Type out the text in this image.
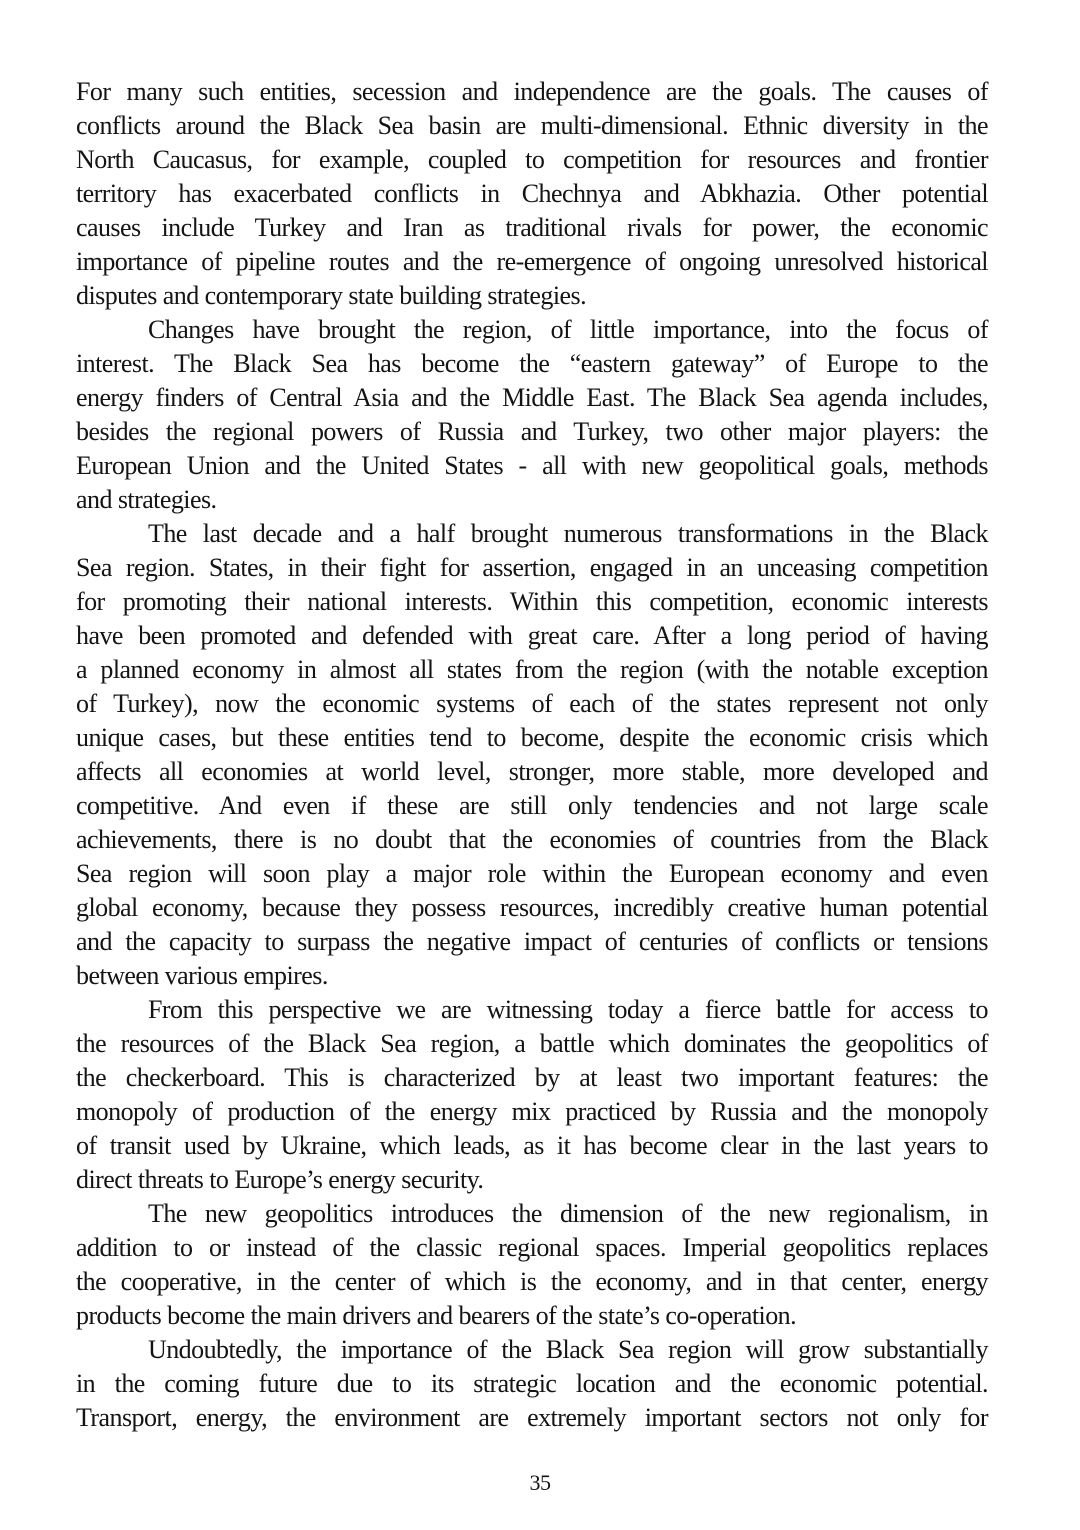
For many such entities, secession and independence are the goals. The causes of
conflicts around the Black Sea basin are multi-dimensional. Ethnic diversity in the
North Caucasus, for example, coupled to competition for resources and frontier
territory has exacerbated conflicts in Chechnya and Abkhazia. Other potential
causes include Turkey and Iran as traditional rivals for power, the economic
importance of pipeline routes and the re-emergence of ongoing unresolved historical
disputes and contemporary state building strategies.
Changes have brought the region, of little importance, into the focus of
interest. The Black Sea has become the “eastern gateway” of Europe to the
energy finders of Central Asia and the Middle East. The Black Sea agenda includes,
besides the regional powers of Russia and Turkey, two other major players: the
European Union and the United States - all with new geopolitical goals, methods
and strategies.
The last decade and a half brought numerous transformations in the Black
Sea region. States, in their fight for assertion, engaged in an unceasing competition
for promoting their national interests. Within this competition, economic interests
have been promoted and defended with great care. After a long period of having
a planned economy in almost all states from the region (with the notable exception
of Turkey), now the economic systems of each of the states represent not only
unique cases, but these entities tend to become, despite the economic crisis which
affects all economies at world level, stronger, more stable, more developed and
competitive. And even if these are still only tendencies and not large scale
achievements, there is no doubt that the economies of countries from the Black
Sea region will soon play a major role within the European economy and even
global economy, because they possess resources, incredibly creative human potential
and the capacity to surpass the negative impact of centuries of conflicts or tensions
between various empires.
From this perspective we are witnessing today a fierce battle for access to
the resources of the Black Sea region, a battle which dominates the geopolitics of
the checkerboard. This is characterized by at least two important features: the
monopoly of production of the energy mix practiced by Russia and the monopoly
of transit used by Ukraine, which leads, as it has become clear in the last years to
direct threats to Europe’s energy security.
The new geopolitics introduces the dimension of the new regionalism, in
addition to or instead of the classic regional spaces. Imperial geopolitics replaces
the cooperative, in the center of which is the economy, and in that center, energy
products become the main drivers and bearers of the state’s co-operation.
Undoubtedly, the importance of the Black Sea region will grow substantially
in the coming future due to its strategic location and the economic potential.
Transport, energy, the environment are extremely important sectors not only for
35
